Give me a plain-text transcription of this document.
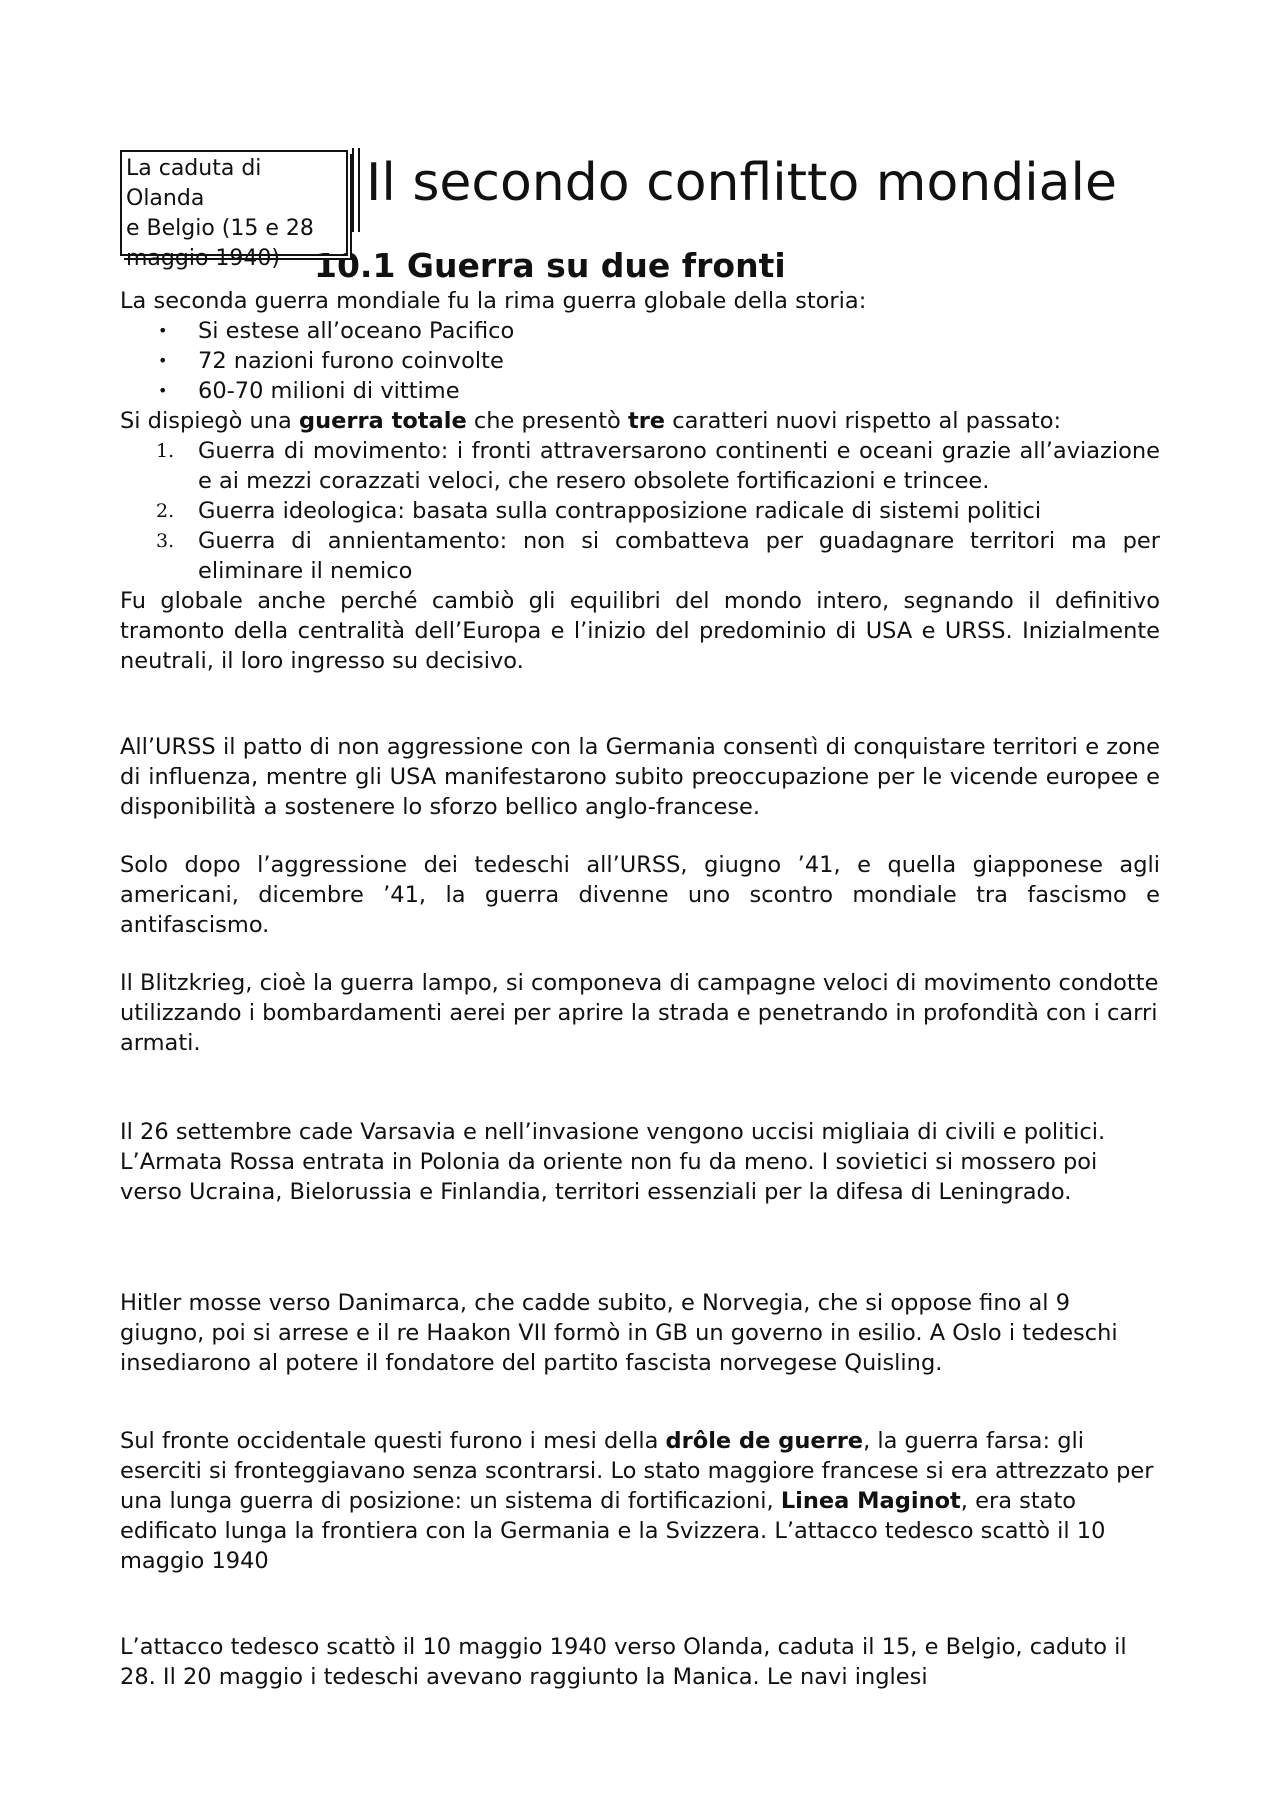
La caduta di
Olanda
e Belgio (15 e 28
maggio 1940)
Il secondo conflitto mondiale
10.1 Guerra su due fronti

La seconda guerra mondiale fu la rima guerra globale della storia:

• Si estese all’oceano Pacifico
• 72 nazioni furono coinvolte
• 60-70 milioni di vittime

Si dispiegò una guerra totale che presentò tre caratteri nuovi rispetto al passato:

1. Guerra di movimento: i fronti attraversarono continenti e oceani grazie all’aviazione e ai mezzi corazzati veloci, che resero obsolete fortificazioni e trincee.
2. Guerra ideologica: basata sulla contrapposizione radicale di sistemi politici
3. Guerra di annientamento: non si combatteva per guadagnare territori ma per eliminare il nemico

Fu globale anche perché cambiò gli equilibri del mondo intero, segnando il definitivo tramonto della centralità dell’Europa e l’inizio del predominio di USA e URSS. Inizialmente neutrali, il loro ingresso su decisivo.

All’URSS il patto di non aggressione con la Germania consentì di conquistare territori e zone di influenza, mentre gli USA manifestarono subito preoccupazione per le vicende europee e disponibilità a sostenere lo sforzo bellico anglo-francese.

Solo dopo l’aggressione dei tedeschi all’URSS, giugno ’41, e quella giapponese agli americani, dicembre ’41, la guerra divenne uno scontro mondiale tra fascismo e antifascismo.

Il Blitzkrieg, cioè la guerra lampo, si componeva di campagne veloci di movimento condotte utilizzando i bombardamenti aerei per aprire la strada e penetrando in profondità con i carri armati.

Il 26 settembre cade Varsavia e nell’invasione vengono uccisi migliaia di civili e politici. L’Armata Rossa entrata in Polonia da oriente non fu da meno. I sovietici si mossero poi verso Ucraina, Bielorussia e Finlandia, territori essenziali per la difesa di Leningrado.

Hitler mosse verso Danimarca, che cadde subito, e Norvegia, che si oppose fino al 9 giugno, poi si arrese e il re Haakon VII formò in GB un governo in esilio. A Oslo i tedeschi insediarono al potere il fondatore del partito fascista norvegese Quisling.

Sul fronte occidentale questi furono i mesi della drôle de guerre, la guerra farsa: gli eserciti si fronteggiavano senza scontrarsi. Lo stato maggiore francese si era attrezzato per una lunga guerra di posizione: un sistema di fortificazioni, Linea Maginot, era stato edificato lunga la frontiera con la Germania e la Svizzera. L’attacco tedesco scattò il 10 maggio 1940

L’attacco tedesco scattò il 10 maggio 1940 verso Olanda, caduta il 15, e Belgio, caduto il 28. Il 20 maggio i tedeschi avevano raggiunto la Manica. Le navi inglesi
